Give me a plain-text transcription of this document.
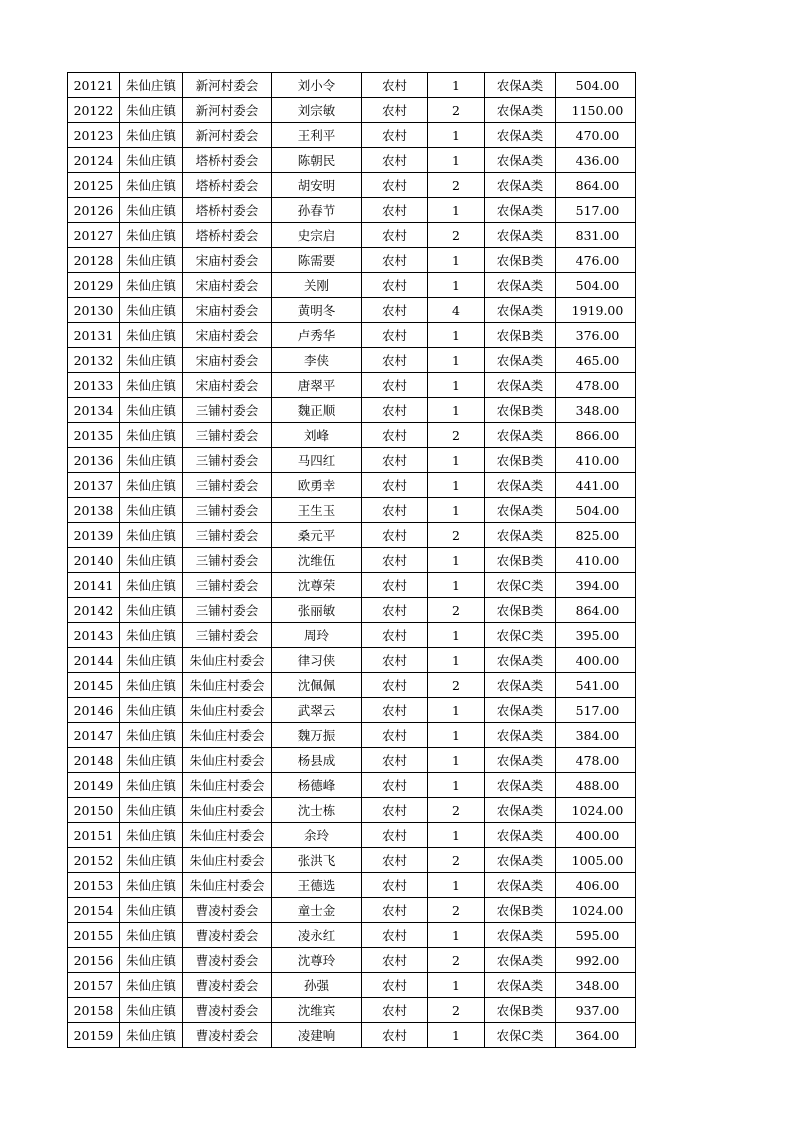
20121	朱仙庄镇	新河村委会	刘小令	农村	1	农保A类	504.00
20122	朱仙庄镇	新河村委会	刘宗敏	农村	2	农保A类	1150.00
20123	朱仙庄镇	新河村委会	王利平	农村	1	农保A类	470.00
20124	朱仙庄镇	塔桥村委会	陈朝民	农村	1	农保A类	436.00
20125	朱仙庄镇	塔桥村委会	胡安明	农村	2	农保A类	864.00
20126	朱仙庄镇	塔桥村委会	孙春节	农村	1	农保A类	517.00
20127	朱仙庄镇	塔桥村委会	史宗启	农村	2	农保A类	831.00
20128	朱仙庄镇	宋庙村委会	陈需要	农村	1	农保B类	476.00
20129	朱仙庄镇	宋庙村委会	关刚	农村	1	农保A类	504.00
20130	朱仙庄镇	宋庙村委会	黄明冬	农村	4	农保A类	1919.00
20131	朱仙庄镇	宋庙村委会	卢秀华	农村	1	农保B类	376.00
20132	朱仙庄镇	宋庙村委会	李侠	农村	1	农保A类	465.00
20133	朱仙庄镇	宋庙村委会	唐翠平	农村	1	农保A类	478.00
20134	朱仙庄镇	三铺村委会	魏正顺	农村	1	农保B类	348.00
20135	朱仙庄镇	三铺村委会	刘峰	农村	2	农保A类	866.00
20136	朱仙庄镇	三铺村委会	马四红	农村	1	农保B类	410.00
20137	朱仙庄镇	三铺村委会	欧勇幸	农村	1	农保A类	441.00
20138	朱仙庄镇	三铺村委会	王生玉	农村	1	农保A类	504.00
20139	朱仙庄镇	三铺村委会	桑元平	农村	2	农保A类	825.00
20140	朱仙庄镇	三铺村委会	沈维伍	农村	1	农保B类	410.00
20141	朱仙庄镇	三铺村委会	沈尊荣	农村	1	农保C类	394.00
20142	朱仙庄镇	三铺村委会	张丽敏	农村	2	农保B类	864.00
20143	朱仙庄镇	三铺村委会	周玲	农村	1	农保C类	395.00
20144	朱仙庄镇	朱仙庄村委会	律习侠	农村	1	农保A类	400.00
20145	朱仙庄镇	朱仙庄村委会	沈佩佩	农村	2	农保A类	541.00
20146	朱仙庄镇	朱仙庄村委会	武翠云	农村	1	农保A类	517.00
20147	朱仙庄镇	朱仙庄村委会	魏万振	农村	1	农保A类	384.00
20148	朱仙庄镇	朱仙庄村委会	杨县成	农村	1	农保A类	478.00
20149	朱仙庄镇	朱仙庄村委会	杨德峰	农村	1	农保A类	488.00
20150	朱仙庄镇	朱仙庄村委会	沈士栋	农村	2	农保A类	1024.00
20151	朱仙庄镇	朱仙庄村委会	余玲	农村	1	农保A类	400.00
20152	朱仙庄镇	朱仙庄村委会	张洪飞	农村	2	农保A类	1005.00
20153	朱仙庄镇	朱仙庄村委会	王德选	农村	1	农保A类	406.00
20154	朱仙庄镇	曹凌村委会	童士金	农村	2	农保B类	1024.00
20155	朱仙庄镇	曹凌村委会	凌永红	农村	1	农保A类	595.00
20156	朱仙庄镇	曹凌村委会	沈尊玲	农村	2	农保A类	992.00
20157	朱仙庄镇	曹凌村委会	孙强	农村	1	农保A类	348.00
20158	朱仙庄镇	曹凌村委会	沈维宾	农村	2	农保B类	937.00
20159	朱仙庄镇	曹凌村委会	凌建响	农村	1	农保C类	364.00
